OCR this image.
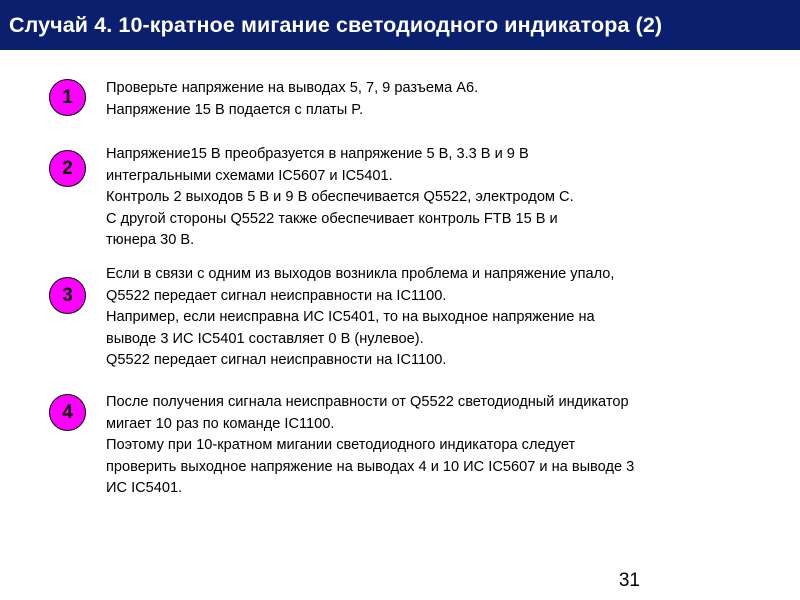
Случай 4. 10-кратное мигание светодиодного индикатора (2)
1 Проверьте напряжение на выводах 5, 7, 9 разъема A6.
Напряжение 15 В подается с платы P.

2

Напряжение15 В преобразуется в напряжение 5 В, 3.3 В и 9 В
интегральными схемами IC5607 и IC5401.
Контроль 2 выходов 5 В и 9 В обеспечивается Q5522, электродом C.
С другой стороны Q5522 также обеспечивает контроль FTB 15 В и
тюнера 30 В.

3

Если в связи с одним из выходов возникла проблема и напряжение упало,
Q5522 передает сигнал неисправности на IC1100.
Например, если неисправна ИС IC5401, то на выходное напряжение на
выводе 3 ИС IC5401 составляет 0 В (нулевое).
Q5522 передает сигнал неисправности на IC1100.

4 После получения сигнала неисправности от Q5522 светодиодный индикатор
мигает 10 раз по команде IC1100.
Поэтому при 10-кратном мигании светодиодного индикатора следует
проверить выходное напряжение на выводах 4 и 10 ИС IC5607 и на выводе 3
ИС IC5401.

31
